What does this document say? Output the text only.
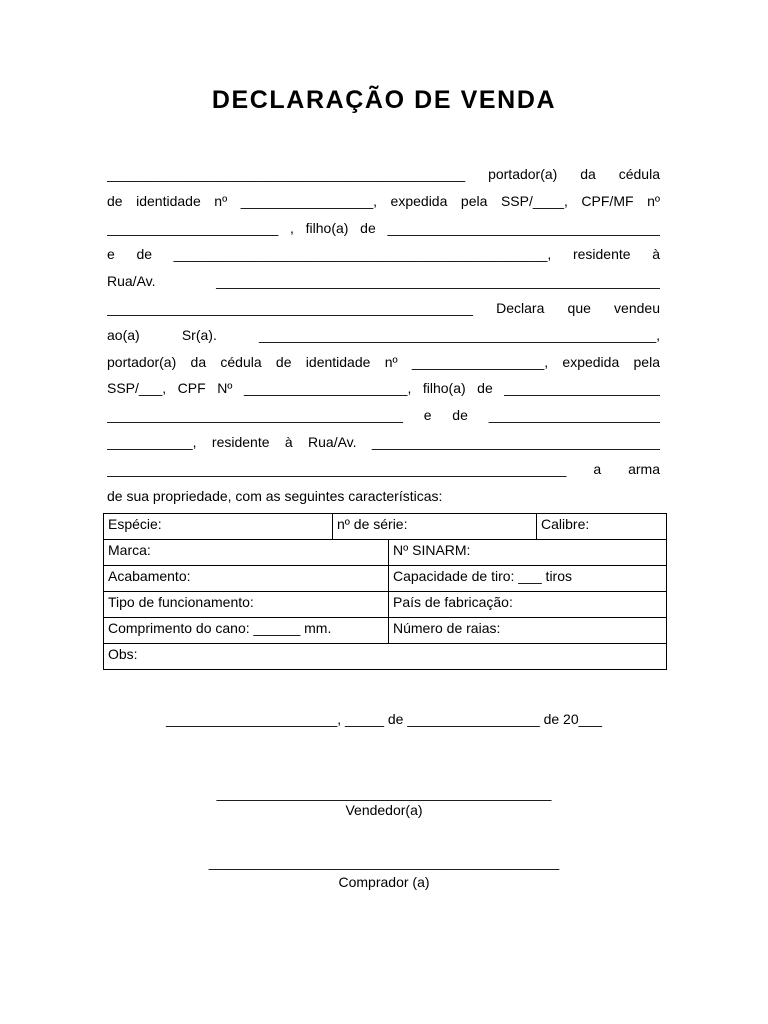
DECLARAÇÃO DE VENDA
______________________________________________ portador(a) da cédula
de identidade nº _________________, expedida pela SSP/____, CPF/MF nº
______________________ , filho(a) de ___________________________________
e de ________________________________________________, residente à
Rua/Av. _________________________________________________________
_______________________________________________ Declara que vendeu
ao(a) Sr(a). ___________________________________________________,
portador(a) da cédula de identidade nº _________________, expedida pela
SSP/___, CPF Nº _____________________, filho(a) de ____________________
______________________________________ e de ______________________
___________, residente à Rua/Av. _____________________________________
___________________________________________________________ a arma
de sua propriedade, com as seguintes características:
Espécie:	nº de série:		Calibre:
Marca:		Nº SINARM:	
Acabamento:		Capacidade de tiro: ___ tiros	
Tipo de funcionamento:		País de fabricação:	
Comprimento do cano: ______ mm.		Número de raias:	
Obs:			
______________________, _____ de _________________ de 20___
___________________________________________
Vendedor(a)
_____________________________________________
Comprador (a)
